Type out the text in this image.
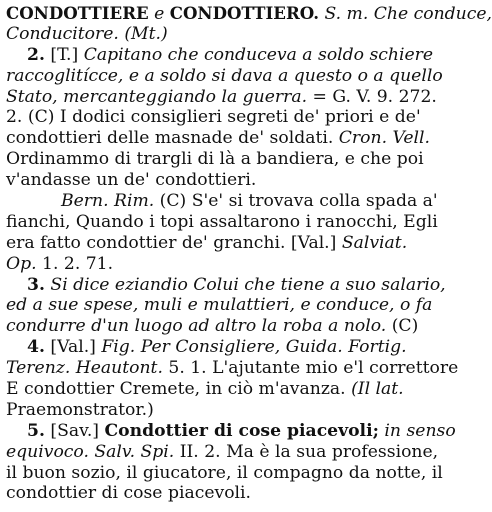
CONDOTTIERE e CONDOTTIERO. S. m. Che conduce,
Conducitore. (Mt.)
2. [T.] Capitano che conduceva a soldo schiere
raccoglitícce, e a soldo si dava a questo o a quello
Stato, mercanteggiando la guerra. = G. V. 9. 272.
2. (C) I dodici consiglieri segreti de' priori e de'
condottieri delle masnade de' soldati. Cron. Vell.
Ordinammo di trargli di là a bandiera, e che poi
v'andasse un de' condottieri.
Bern. Rim. (C) S'e' si trovava colla spada a'
fianchi, Quando i topi assaltarono i ranocchi, Egli
era fatto condottier de' granchi. [Val.] Salviat.
Op. 1. 2. 71.
3. Si dice eziandio Colui che tiene a suo salario,
ed a sue spese, muli e mulattieri, e conduce, o fa
condurre d'un luogo ad altro la roba a nolo. (C)
4. [Val.] Fig. Per Consigliere, Guida. Fortig.
Terenz. Heautont. 5. 1. L'ajutante mio e'l correttore
E condottier Cremete, in ciò m'avanza. (Il lat.
Praemonstrator.)
5. [Sav.] Condottier di cose piacevoli; in senso
equivoco. Salv. Spi. II. 2. Ma è la sua professione,
il buon sozio, il giucatore, il compagno da notte, il
condottier di cose piacevoli.
